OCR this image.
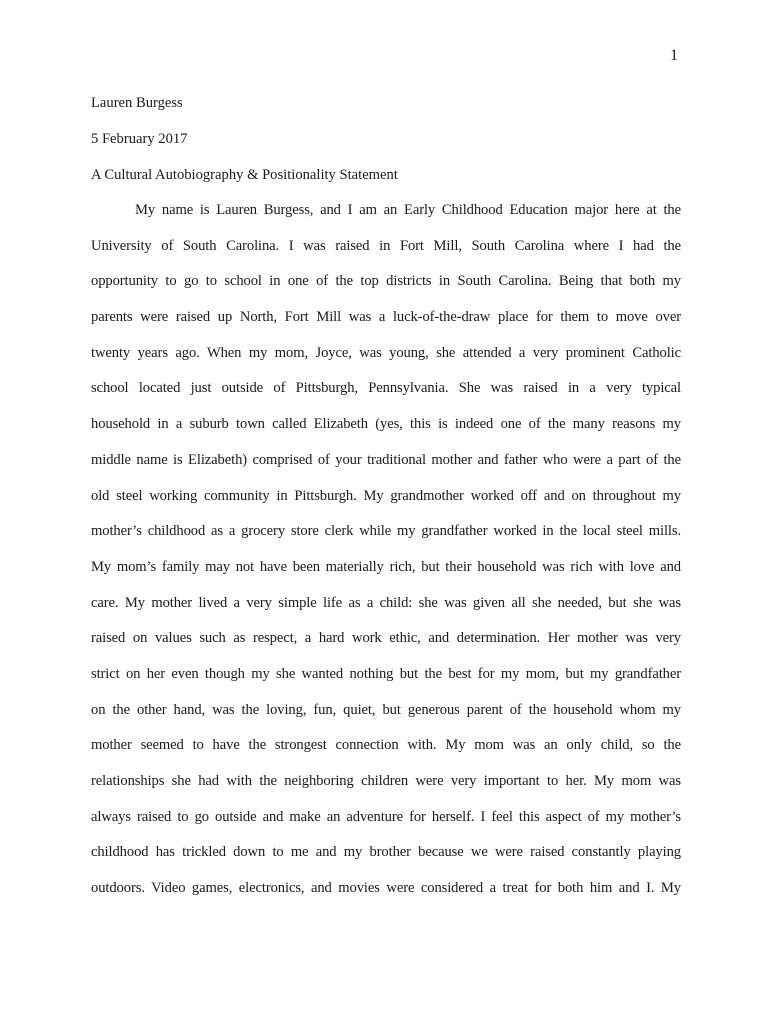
1
Lauren Burgess
5 February 2017
A Cultural Autobiography & Positionality Statement
My name is Lauren Burgess, and I am an Early Childhood Education major here at the
University of South Carolina. I was raised in Fort Mill, South Carolina where I had the
opportunity to go to school in one of the top districts in South Carolina. Being that both my
parents were raised up North, Fort Mill was a luck-of-the-draw place for them to move over
twenty years ago. When my mom, Joyce, was young, she attended a very prominent Catholic
school located just outside of Pittsburgh, Pennsylvania. She was raised in a very typical
household in a suburb town called Elizabeth (yes, this is indeed one of the many reasons my
middle name is Elizabeth) comprised of your traditional mother and father who were a part of the
old steel working community in Pittsburgh. My grandmother worked off and on throughout my
mother’s childhood as a grocery store clerk while my grandfather worked in the local steel mills.
My mom’s family may not have been materially rich, but their household was rich with love and
care. My mother lived a very simple life as a child: she was given all she needed, but she was
raised on values such as respect, a hard work ethic, and determination. Her mother was very
strict on her even though my she wanted nothing but the best for my mom, but my grandfather
on the other hand, was the loving, fun, quiet, but generous parent of the household whom my
mother seemed to have the strongest connection with. My mom was an only child, so the
relationships she had with the neighboring children were very important to her. My mom was
always raised to go outside and make an adventure for herself. I feel this aspect of my mother’s
childhood has trickled down to me and my brother because we were raised constantly playing
outdoors. Video games, electronics, and movies were considered a treat for both him and I. My
